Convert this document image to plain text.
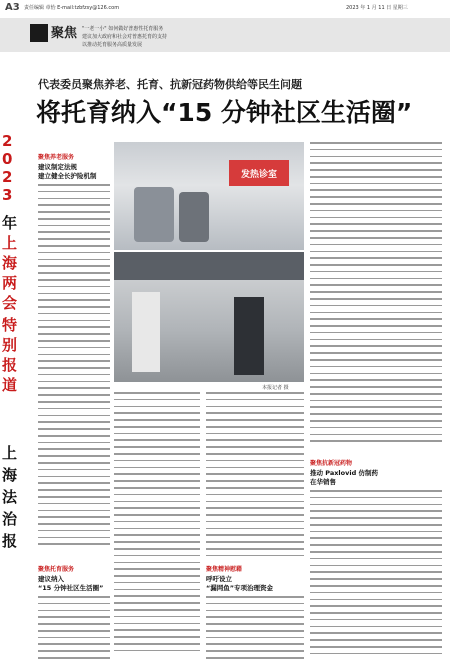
A3 责任编辑 章怡 E-mail:tzbfzsy@126.com	2023 年 1 月 11 日 星期三
聚焦 "一老一小" 如何做好普惠性托育服务
建议加大政府和社会对普惠托育的支持
以推动托育服务高质量发展
2
0
2
3
年
上
海
两
会
特
别
报
道
上
海
法
治
报
代表委员聚焦养老、托育、抗新冠药物供给等民生问题
将托育纳入“15 分钟社区生活圈”
聚焦养老服务
建议制定法规
建立健全长护险机制
聚焦托育服务
建议纳入
“15 分钟社区生活圈”
发热诊室
本报记者 摄
聚焦精神慰藉
呼吁设立
“漏网鱼”专项治理资金
聚焦抗新冠药物
推动 Paxlovid 仿制药
在华销售
